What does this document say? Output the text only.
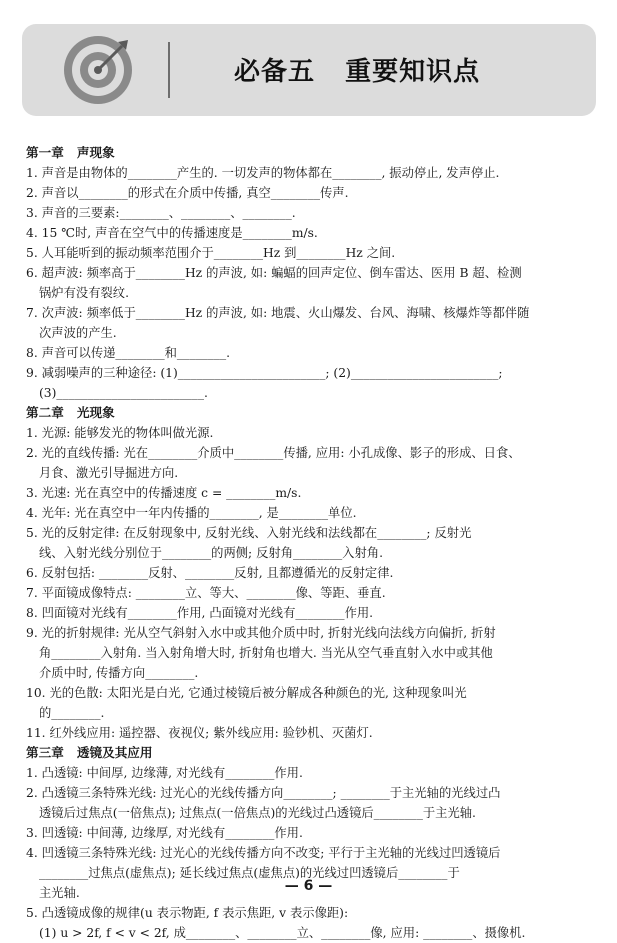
必备五   重要知识点
第一章   声现象
1. 声音是由物体的________产生的. 一切发声的物体都在________, 振动停止, 发声停止.
2. 声音以________的形式在介质中传播, 真空________传声.
3. 声音的三要素:________、________、________.
4. 15 ℃时, 声音在空气中的传播速度是________m/s.
5. 人耳能听到的振动频率范围介于________Hz 到________Hz 之间.
6. 超声波: 频率高于________Hz 的声波, 如: 蝙蝠的回声定位、倒车雷达、医用 B 超、检测
锅炉有没有裂纹.
7. 次声波: 频率低于________Hz 的声波, 如: 地震、火山爆发、台风、海啸、核爆炸等都伴随
次声波的产生.
8. 声音可以传递________和________.
9. 减弱噪声的三种途径: (1)________________________; (2)________________________;
(3)________________________.
第二章   光现象
1. 光源: 能够发光的物体叫做光源.
2. 光的直线传播: 光在________介质中________传播, 应用: 小孔成像、影子的形成、日食、
月食、激光引导掘进方向.
3. 光速: 光在真空中的传播速度 c = ________m/s.
4. 光年: 光在真空中一年内传播的________, 是________单位.
5. 光的反射定律: 在反射现象中, 反射光线、入射光线和法线都在________; 反射光
线、入射光线分别位于________的两侧; 反射角________入射角.
6. 反射包括: ________反射、________反射, 且都遵循光的反射定律.
7. 平面镜成像特点: ________立、等大、________像、等距、垂直.
8. 凹面镜对光线有________作用, 凸面镜对光线有________作用.
9. 光的折射规律: 光从空气斜射入水中或其他介质中时, 折射光线向法线方向偏折, 折射
角________入射角. 当入射角增大时, 折射角也增大. 当光从空气垂直射入水中或其他
介质中时, 传播方向________.
10. 光的色散: 太阳光是白光, 它通过棱镜后被分解成各种颜色的光, 这种现象叫光
的________.
11. 红外线应用: 遥控器、夜视仪; 紫外线应用: 验钞机、灭菌灯.
第三章   透镜及其应用
1. 凸透镜: 中间厚, 边缘薄, 对光线有________作用.
2. 凸透镜三条特殊光线: 过光心的光线传播方向________; ________于主光轴的光线过凸
透镜后过焦点(一倍焦点); 过焦点(一倍焦点)的光线过凸透镜后________于主光轴.
3. 凹透镜: 中间薄, 边缘厚, 对光线有________作用.
4. 凹透镜三条特殊光线: 过光心的光线传播方向不改变; 平行于主光轴的光线过凹透镜后
________过焦点(虚焦点); 延长线过焦点(虚焦点)的光线过凹透镜后________于
主光轴.
5. 凸透镜成像的规律(u 表示物距, f 表示焦距, v 表示像距):
(1) u > 2f, f < v < 2f, 成________、________立、________像, 应用: ________、摄像机.
— 6 —
